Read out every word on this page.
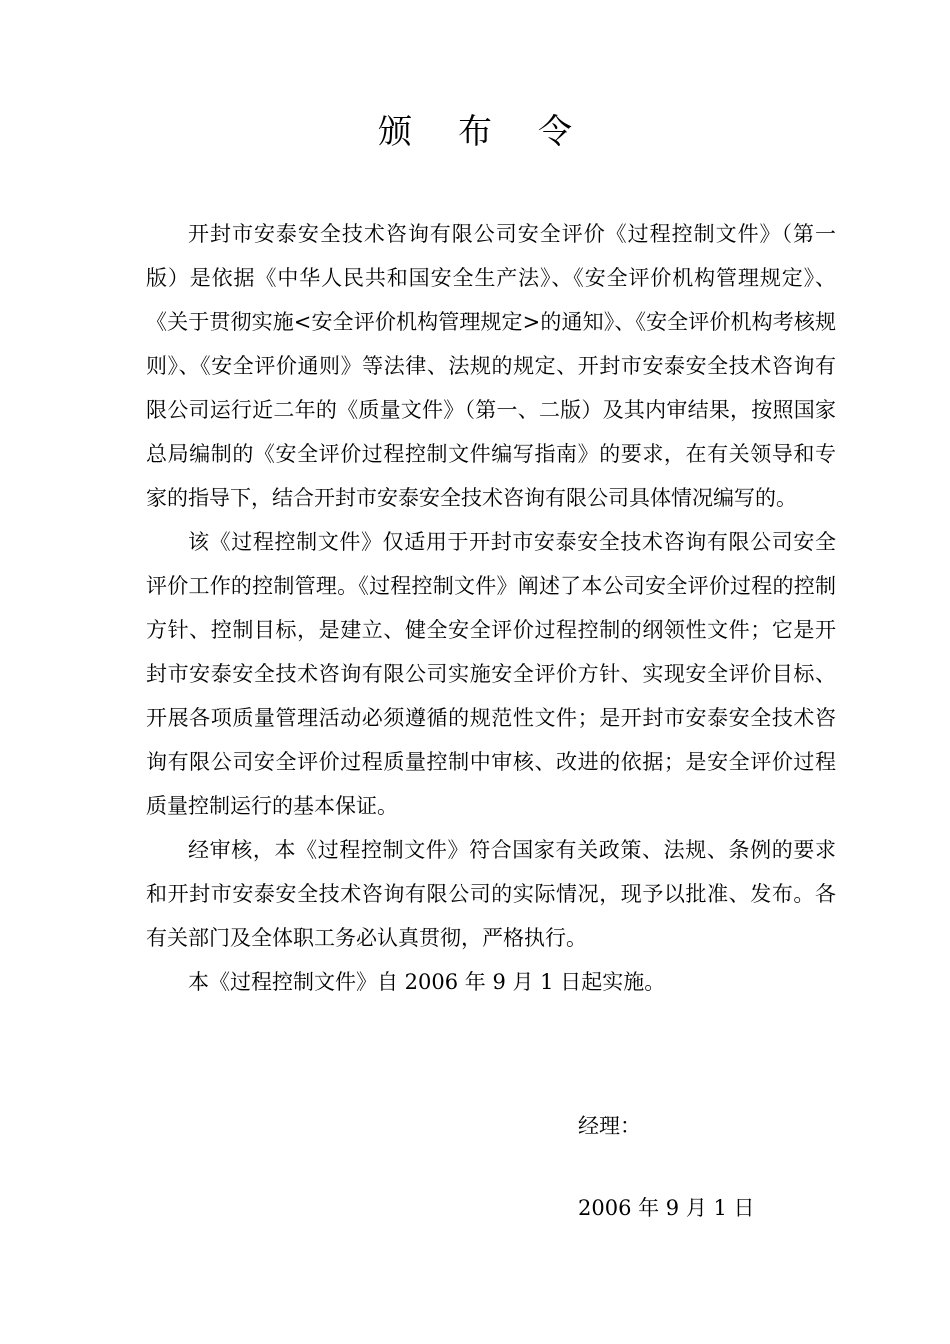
颁布令

开封市安泰安全技术咨询有限公司安全评价《过程控制文件》（第一版）是依据《中华人民共和国安全生产法》、《安全评价机构管理规定》、《关于贯彻实施<安全评价机构管理规定>的通知》、《安全评价机构考核规则》、《安全评价通则》等法律、法规的规定、开封市安泰安全技术咨询有限公司运行近二年的《质量文件》（第一、二版）及其内审结果，按照国家总局编制的《安全评价过程控制文件编写指南》的要求，在有关领导和专家的指导下，结合开封市安泰安全技术咨询有限公司具体情况编写的。

该《过程控制文件》仅适用于开封市安泰安全技术咨询有限公司安全评价工作的控制管理。《过程控制文件》阐述了本公司安全评价过程的控制方针、控制目标，是建立、健全安全评价过程控制的纲领性文件；它是开封市安泰安全技术咨询有限公司实施安全评价方针、实现安全评价目标、开展各项质量管理活动必须遵循的规范性文件；是开封市安泰安全技术咨询有限公司安全评价过程质量控制中审核、改进的依据；是安全评价过程质量控制运行的基本保证。

经审核，本《过程控制文件》符合国家有关政策、法规、条例的要求和开封市安泰安全技术咨询有限公司的实际情况，现予以批准、发布。各有关部门及全体职工务必认真贯彻，严格执行。

本《过程控制文件》自 2006 年 9 月 1 日起实施。

经理：
2006 年 9 月 1 日
